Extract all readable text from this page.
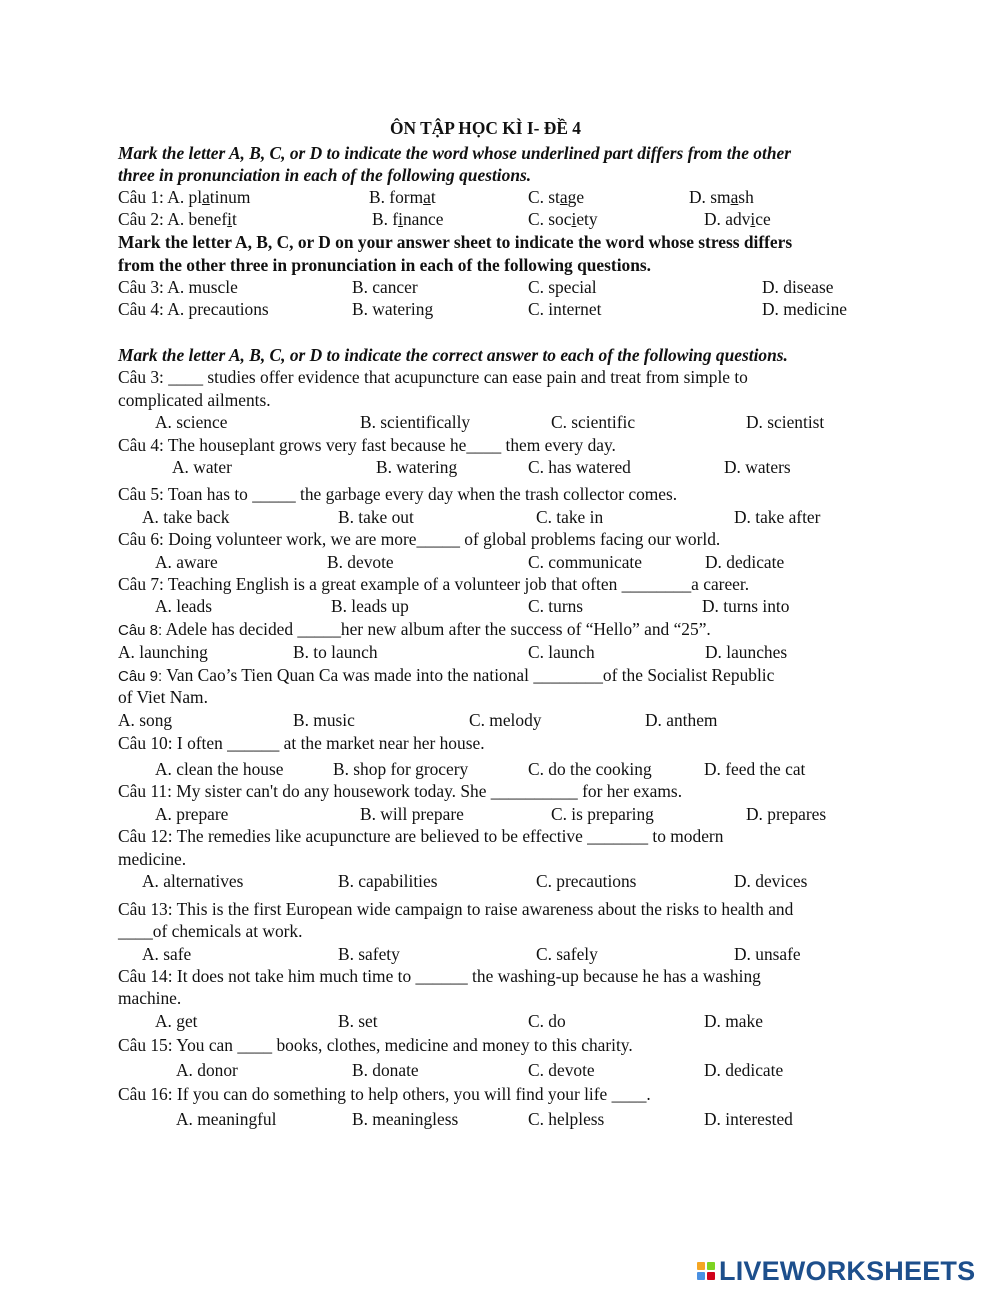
ÔN TẬP HỌC KÌ I- ĐỀ 4
Mark the letter A, B, C, or D to indicate the word whose underlined part differs from the other
three in pronunciation in each of the following questions.
Câu 1: A. platinum	B. format	C. stage	D. smash
Câu 2: A. benefit	B. finance	C. society	D. advice
Mark the letter A, B, C, or D on your answer sheet to indicate the word whose stress differs
from the other three in pronunciation in each of the following questions.
Câu 3: A. muscle	B. cancer	C. special	D. disease
Câu 4: A. precautions	B. watering	C. internet	D. medicine
Mark the letter A, B, C, or D to indicate the correct answer to each of the following questions.
Câu 3: ____ studies offer evidence that acupuncture can ease pain and treat from simple to
complicated ailments.
A. science	B. scientifically	C. scientific	D. scientist
Câu 4: The houseplant grows very fast because he____ them every day.
A. water	B. watering	C. has watered	D. waters
Câu 5: Toan has to _____ the garbage every day when the trash collector comes.
A. take back	B. take out	C. take in	D. take after
Câu 6: Doing volunteer work, we are more_____ of global problems facing our world.
A. aware	B. devote	C. communicate	D. dedicate
Câu 7: Teaching English is a great example of a volunteer job that often ________a career.
A. leads	B. leads up	C. turns	D. turns into
Câu 8: Adele has decided _____her new album after the success of “Hello” and “25”.
A. launching	B. to launch	C. launch	D. launches
Câu 9: Van Cao’s Tien Quan Ca was made into the national ________of the Socialist Republic
of Viet Nam.
A. song	B. music	C. melody	D. anthem
Câu 10: I often ______ at the market near her house.
A. clean the house	B. shop for grocery	C. do the cooking	D. feed the cat
Câu 11: My sister can't do any housework today. She __________ for her exams.
A. prepare	B. will prepare	C. is preparing	D. prepares
Câu 12: The remedies like acupuncture are believed to be effective _______ to modern
medicine.
A. alternatives	B. capabilities	C. precautions	D. devices
Câu 13: This is the first European wide campaign to raise awareness about the risks to health and
____of chemicals at work.
A. safe	B. safety	C. safely	D. unsafe
Câu 14: It does not take him much time to ______ the washing-up because he has a washing
machine.
A. get	B. set	C. do	D. make
Câu 15: You can ____ books, clothes, medicine and money to this charity.
A. donor	B. donate	C. devote	D. dedicate
Câu 16: If you can do something to help others, you will find your life ____.
A. meaningful	B. meaningless	C. helpless	D. interested
LIVEWORKSHEETS
